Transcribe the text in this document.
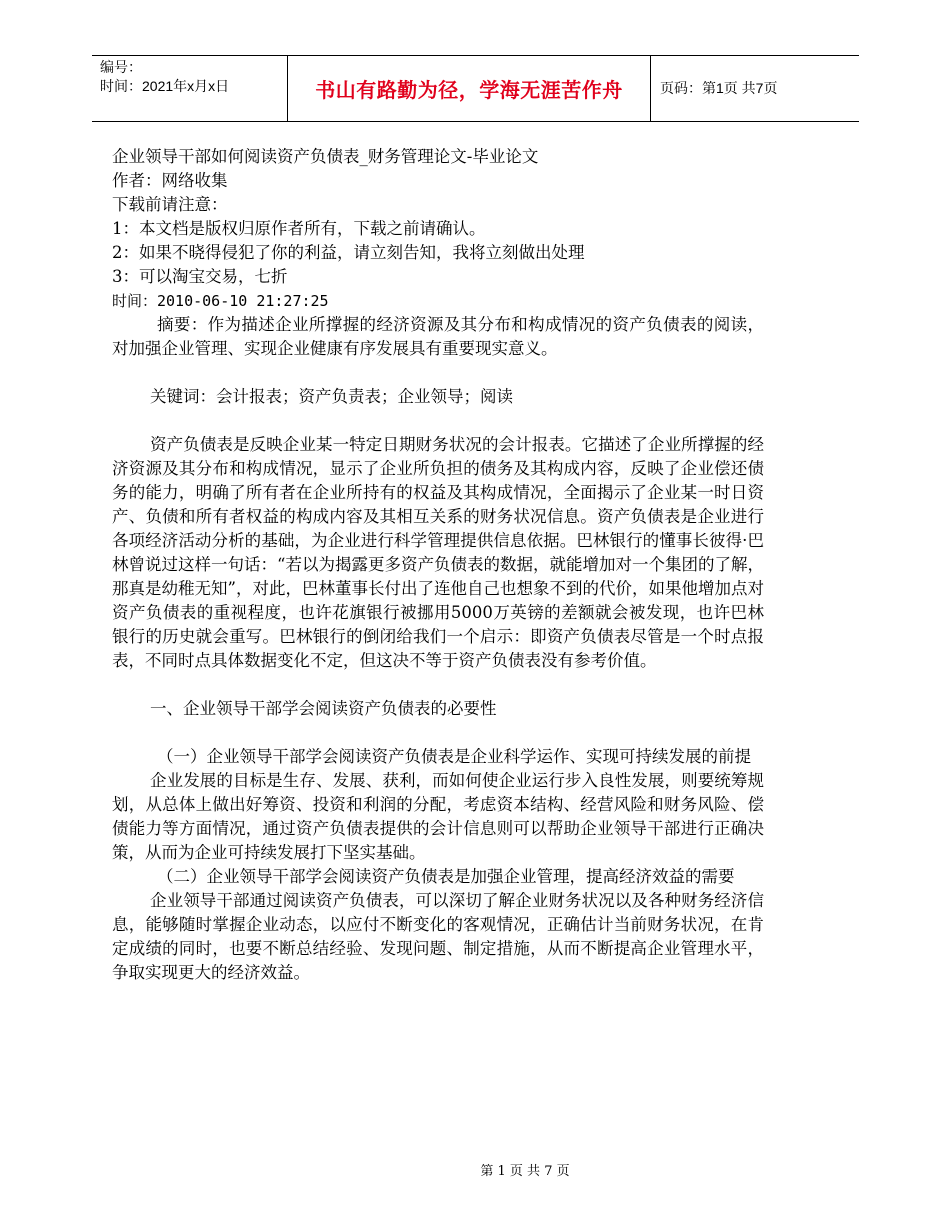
编号：
时间：2021年x月x日	书山有路勤为径，学海无涯苦作舟	页码：第1页 共7页
企业领导干部如何阅读资产负债表_财务管理论文-毕业论文
作者：网络收集
下载前请注意：
1：本文档是版权归原作者所有，下载之前请确认。
2：如果不晓得侵犯了你的利益，请立刻告知，我将立刻做出处理
3：可以淘宝交易，七折
时间：2010-06-10 21:27:25

摘要：作为描述企业所撑握的经济资源及其分布和构成情况的资产负债表的阅读，对加强企业管理、实现企业健康有序发展具有重要现实意义。

关键词：会计报表；资产负责表；企业领导；阅读

资产负债表是反映企业某一特定日期财务状况的会计报表。它描述了企业所撑握的经济资源及其分布和构成情况，显示了企业所负担的债务及其构成内容，反映了企业偿还债务的能力，明确了所有者在企业所持有的权益及其构成情况，全面揭示了企业某一时日资产、负债和所有者权益的构成内容及其相互关系的财务状况信息。资产负债表是企业进行各项经济活动分析的基础，为企业进行科学管理提供信息依据。巴林银行的懂事长彼得·巴林曾说过这样一句话：“若以为揭露更多资产负债表的数据，就能增加对一个集团的了解，那真是幼稚无知”，对此，巴林董事长付出了连他自己也想象不到的代价，如果他增加点对资产负债表的重视程度，也许花旗银行被挪用5000万英镑的差额就会被发现，也许巴林银行的历史就会重写。巴林银行的倒闭给我们一个启示：即资产负债表尽管是一个时点报表，不同时点具体数据变化不定，但这决不等于资产负债表没有参考价值。

一、企业领导干部学会阅读资产负债表的必要性

（一）企业领导干部学会阅读资产负债表是企业科学运作、实现可持续发展的前提

企业发展的目标是生存、发展、获利，而如何使企业运行步入良性发展，则要统筹规划，从总体上做出好筹资、投资和利润的分配，考虑资本结构、经营风险和财务风险、偿债能力等方面情况，通过资产负债表提供的会计信息则可以帮助企业领导干部进行正确决策，从而为企业可持续发展打下坚实基础。

（二）企业领导干部学会阅读资产负债表是加强企业管理，提高经济效益的需要

企业领导干部通过阅读资产负债表，可以深切了解企业财务状况以及各种财务经济信息，能够随时掌握企业动态，以应付不断变化的客观情况，正确估计当前财务状况，在肯定成绩的同时，也要不断总结经验、发现问题、制定措施，从而不断提高企业管理水平，争取实现更大的经济效益。

第 1 页 共 7 页
